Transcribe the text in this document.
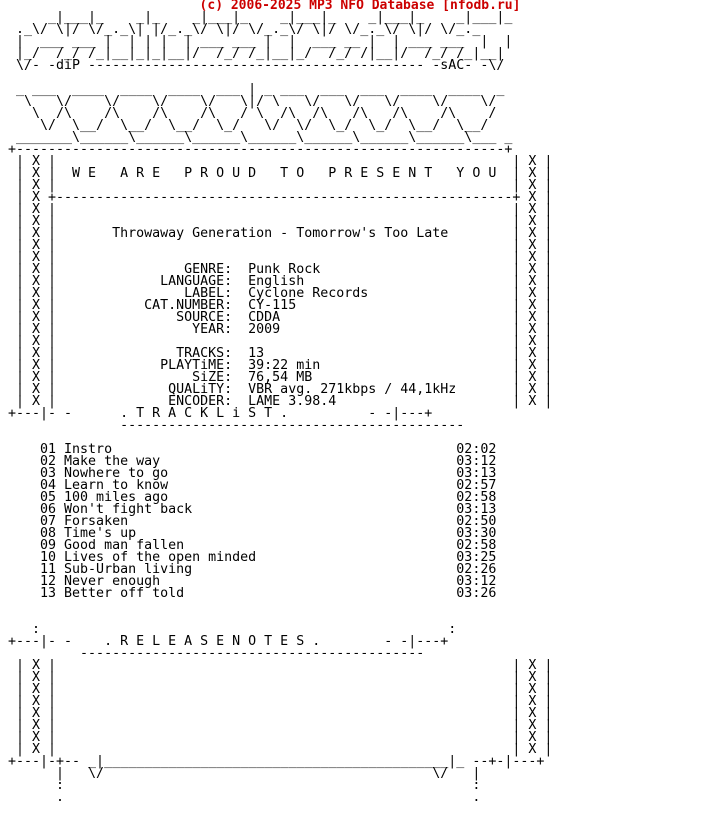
(c) 2006-2025 MP3 NFO Database [nfodb.ru]
_|___|_    _|_    _|___|_    _|___|_    _|___|_    _|___|_
._\/ \|/ \/_._\| |/_._\/ \|/ \/_._\/ \|/ \/_._\/ \|/ \/_._
|  ___ ___ |  | | |  | ___ ___ |  |  ___ __ |  | ___ ___  |  |
|_/  /_/ /_|__|_|_|__|/  /_/ /_|__|_/  /_/ /|__|/  /_/ /_|__|
\/- -diP ------------------------------------------ -sAC- -\/
_ ___  ____  ____  ____  ___ | _ ___  ___  ___  ____  ____  _
\   \/    \/    \/    \/   \|/ \   \/   \/   \/    \/    \/
\  /\    /\    /\    /\   / \  /\  /\   /\   /\    /\    /
\/  \__/  \__/  \__/  \_/   \/  \/  \_/  \_/  \__/  \__/
_______\______\______\______\______\______\______\______\___ _
+-------------------------------------------------------------+
| X |                                                         | X |
| X |  W E   A R E   P R O U D   T O   P R E S E N T   Y O U  | X |
| X |                                                         | X |
| X +---------------------------------------------------------+ X |
| X |                                                         | X |
| X |                                                         | X |
| X |       Throwaway Generation - Tomorrow's Too Late        | X |
| X |                                                         | X |
| X |                                                         | X |
| X |                GENRE:  Punk Rock                        | X |
| X |             LANGUAGE:  English                          | X |
| X |                LABEL:  Cyclone Records                  | X |
| X |           CAT.NUMBER:  CY-115                           | X |
| X |               SOURCE:  CDDA                             | X |
| X |                 YEAR:  2009                             | X |
| X |                                                         | X |
| X |               TRACKS:  13                               | X |
| X |             PLAYTiME:  39:22 min                        | X |
| X |                 SiZE:  76,54 MB                         | X |
| X |              QUALiTY:  VBR avg. 271kbps / 44,1kHz       | X |
| X |              ENCODER:  LAME 3.98.4                      | X |
+---|- -      . T R A C K L i S T .          - -|---+
-------------------------------------------
01 Instro                                           02:02
02 Make the way                                     03:12
03 Nowhere to go                                    03:13
04 Learn to know                                    02:57
05 100 miles ago                                    02:58
06 Won't fight back                                 03:13
07 Forsaken                                         02:50
08 Time's up                                        03:30
09 Good man fallen                                  02:58
10 Lives of the open minded                         03:25
11 Sub-Urban living                                 02:26
12 Never enough                                     03:12
13 Better off told                                  03:26
:                                                   :
+---|- -    . R E L E A S E N O T E S .        - -|---+
-------------------------------------------
| X |                                                         | X |
| X |                                                         | X |
| X |                                                         | X |
| X |                                                         | X |
| X |                                                         | X |
| X |                                                         | X |
| X |                                                         | X |
| X |                                                         | X |
+---|-+-- _|___________________________________________|_ --+-|---+
|   \/                                         \/   |
:                                                   :
.                                                   .
